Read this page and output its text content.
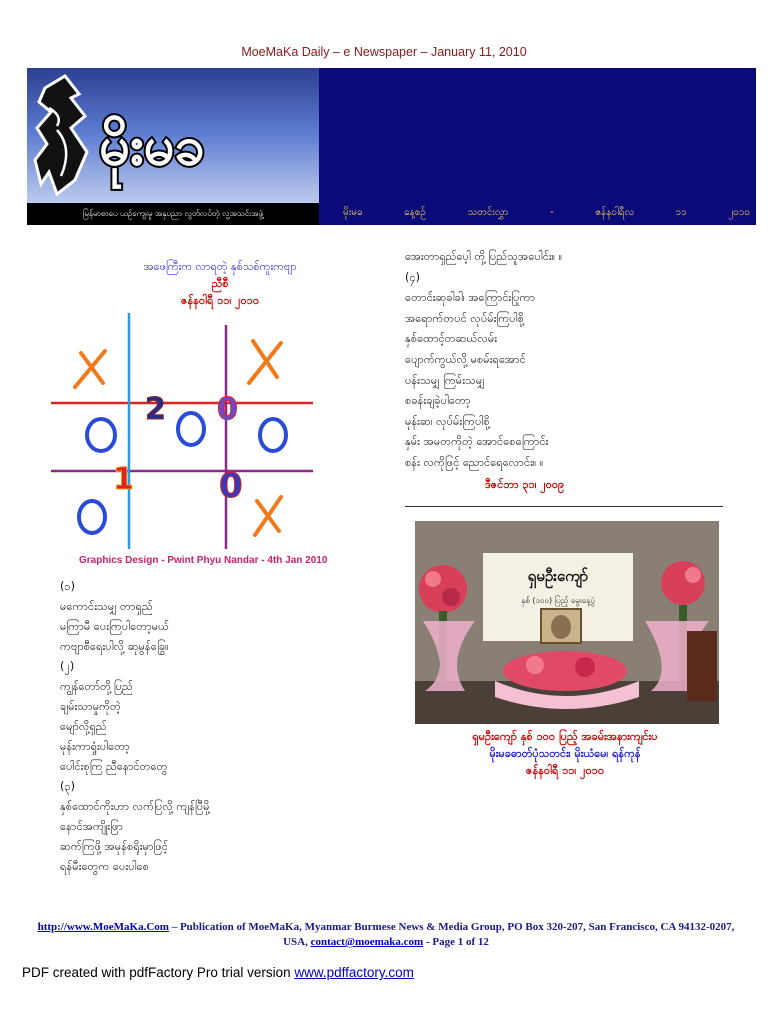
MoeMaKa Daily – e Newspaper – January 11, 2010
မိုးမခ
မြန်မာစာပေ ယဉ်ကျေးမှု အနုပညာ လွတ်လပ်တဲ့ လူ့အသင်းအဖွဲ့	မိုးမခ	နေ့စဉ်	သတင်းလွှာ	-	ဇန်နဝါရီလ	၁၁	၂၀၁၀
အဖေကြီးက လာရတဲ့ နှစ်သစ်ကူးကဗျာ
ညီစီ
ဇန်နဝါရီ ၁၁၊ ၂၀၁၀
2 0
1	0
Graphics Design - Pwint Phyu Nandar - 4th Jan 2010
(၁)
မကောင်းသမျှ တာရှည်
မကြာမီ ပေးကြပါတော့မယ်
ကဗျာစီရေးပါလို့ ဆုမွန်ခြွေ။
(၂)
ကျွန်တော်တို့ပြည်
ချမ်းသာမှုကိုတဲ့
မျော်လို့ရှည်
မုန်းကာရှုံးပါတော့
ပေါင်းစုကြ ညီနောင်တတွေ
(၃)
နှစ်ထောင်ကိုးဟာ လက်ပြလို့ ကျန်ပြီမို့
နောင်အကျိုးဖြာ
ဆက်ကြဖို့ အမုန်စရိုးမှာဖြင့်
ရန်မီးတွေက ပေးပါစေ
အေးတာရှည်ပေ့ါ တို့ပြည်သူအပေါင်း။ ။
(၄)
တောင်းဆုခါခါ၊ အကြောင်းပြုကာ
အရောက်တပင် လုပ်မ်းကြပါစို့
နှစ်ထောင့်တဆယ်လမ်း
ပျောက်ကွယ်လို့ မစမ်းရအောင်
ပန်းသမျှ ကြမ်းသမျှ
စခန်းချခဲ့ပါတော့
မုန်းဆ၊ လုပ်မ်းကြပါစို့
နှမ်း အမတကိုတဲ့ အောင်စေကြောင်း
စန်း လကိုဖြင့် ညောင်ရေလောင်း။ ။
ဒီဇင်ဘာ ၃၁၊ ၂၀၀၉
ရှမဦးကျော်
နှစ် (၁၀၀) ပြည့် မွေးနေ့ပွဲ
ရှမဦးကျော် နှစ် ၁၀၀ ပြည့် အခမ်းအနားကျင်းပ
မိုးမခဓာတ်ပုံသတင်း၊ မိုးယံမေ၊ ရန်ကုန်
ဇန်နဝါရီ ၁၁၊ ၂၀၁၀
http://www.MoeMaKa.Com – Publication of MoeMaKa, Myanmar Burmese News & Media Group, PO Box 320-207, San Francisco, CA 94132-0207, USA, contact@moemaka.com - Page 1 of 12
PDF created with pdfFactory Pro trial version www.pdffactory.com
